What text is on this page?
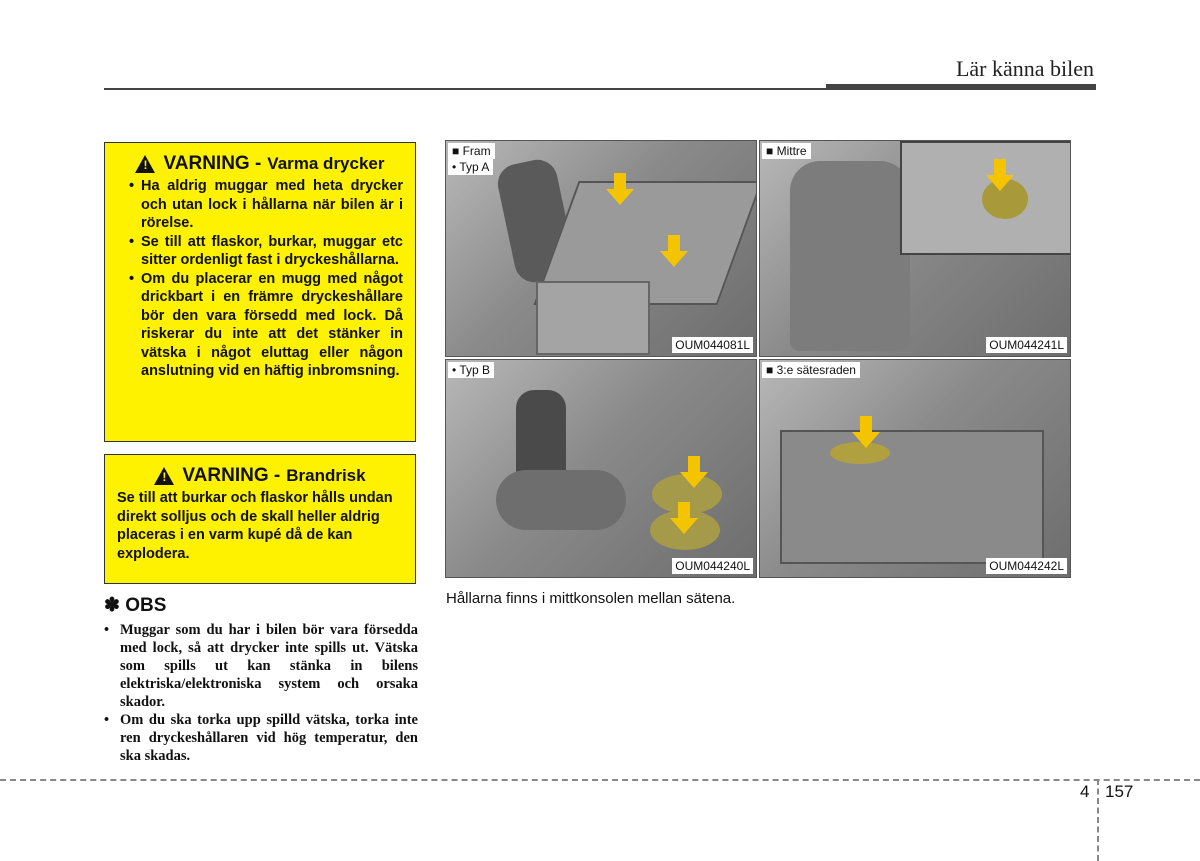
Lär känna bilen
!
VARNING - Varma drycker
• Ha aldrig muggar med heta drycker och utan lock i hållarna när bilen är i rörelse.
• Se till att flaskor, burkar, muggar etc sitter ordenligt fast i dryckeshållarna.
• Om du placerar en mugg med något drickbart i en främre dryckeshållare bör den vara försedd med lock. Då riskerar du inte att det stänker in vätska i något eluttag eller någon anslutning vid en häftig inbromsning.
!
VARNING - Brandrisk
Se till att burkar och flaskor hålls undan direkt solljus och de skall heller aldrig placeras i en varm kupé då de kan explodera.
✽ OBS
• Muggar som du har i bilen bör vara försedda med lock, så att drycker inte spills ut. Vätska som spills ut kan stänka in bilens elektriska/elektroniska system och orsaka skador.
• Om du ska torka upp spilld vätska, torka inte ren dryckeshållaren vid hög temperatur, den ska skadas.
■ Fram
• Typ A
OUM044081L
■ Mittre
OUM044241L
• Typ B
OUM044240L
■ 3:e sätesraden
OUM044242L
Hållarna finns i mittkonsolen mellan sätena.
4 157
